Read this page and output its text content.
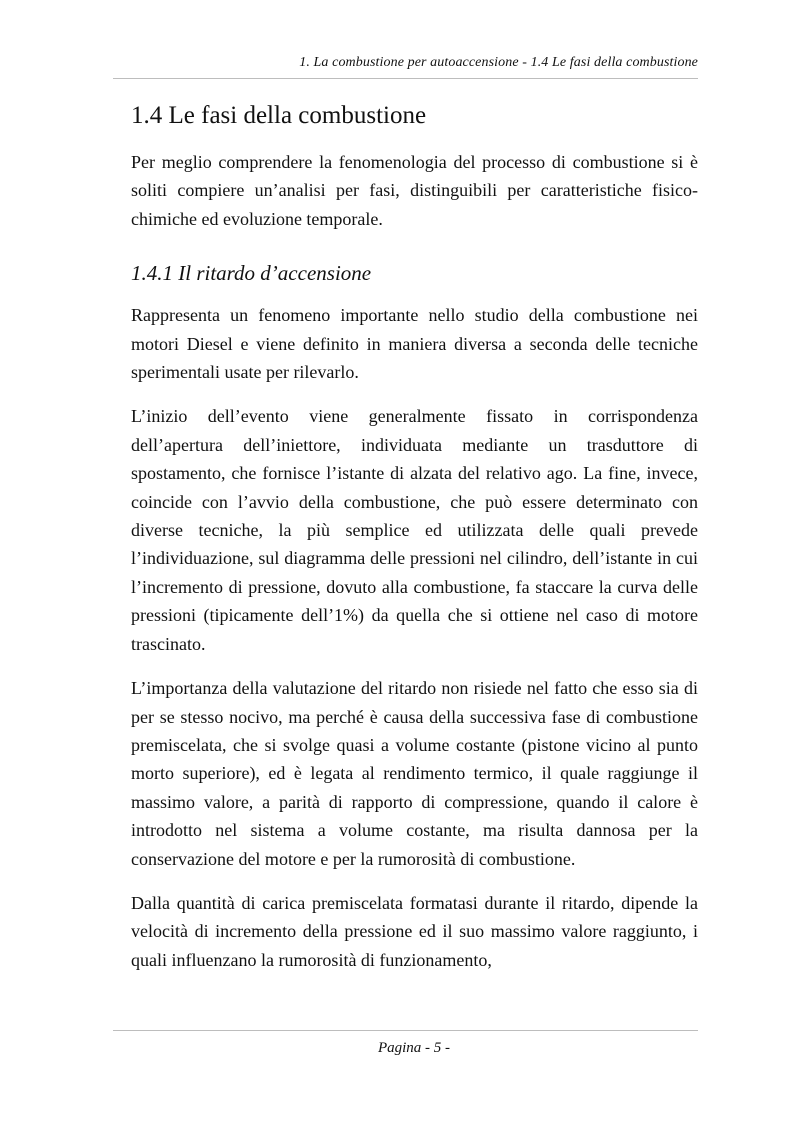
1. La combustione per autoaccensione - 1.4 Le fasi della combustione
1.4 Le fasi della combustione

Per meglio comprendere la fenomenologia del processo di combustione si è soliti compiere un’analisi per fasi, distinguibili per caratteristiche fisico-chimiche ed evoluzione temporale.

1.4.1 Il ritardo d’accensione

Rappresenta un fenomeno importante nello studio della combustione nei motori Diesel e viene definito in maniera diversa a seconda delle tecniche sperimentali usate per rilevarlo.

L’inizio dell’evento viene generalmente fissato in corrispondenza dell’apertura dell’iniettore, individuata mediante un trasduttore di spostamento, che fornisce l’istante di alzata del relativo ago. La fine, invece, coincide con l’avvio della combustione, che può essere determinato con diverse tecniche, la più semplice ed utilizzata delle quali prevede l’individuazione, sul diagramma delle pressioni nel cilindro, dell’istante in cui l’incremento di pressione, dovuto alla combustione, fa staccare la curva delle pressioni (tipicamente dell’1%) da quella che si ottiene nel caso di motore trascinato.

L’importanza della valutazione del ritardo non risiede nel fatto che esso sia di per se stesso nocivo, ma perché è causa della successiva fase di combustione premiscelata, che si svolge quasi a volume costante (pistone vicino al punto morto superiore), ed è legata al rendimento termico, il quale raggiunge il massimo valore, a parità di rapporto di compressione, quando il calore è introdotto nel sistema a volume costante, ma risulta dannosa per la conservazione del motore e per la rumorosità di combustione.

Dalla quantità di carica premiscelata formatasi durante il ritardo, dipende la velocità di incremento della pressione ed il suo massimo valore raggiunto, i quali influenzano la rumorosità di funzionamento,

Pagina - 5 -
